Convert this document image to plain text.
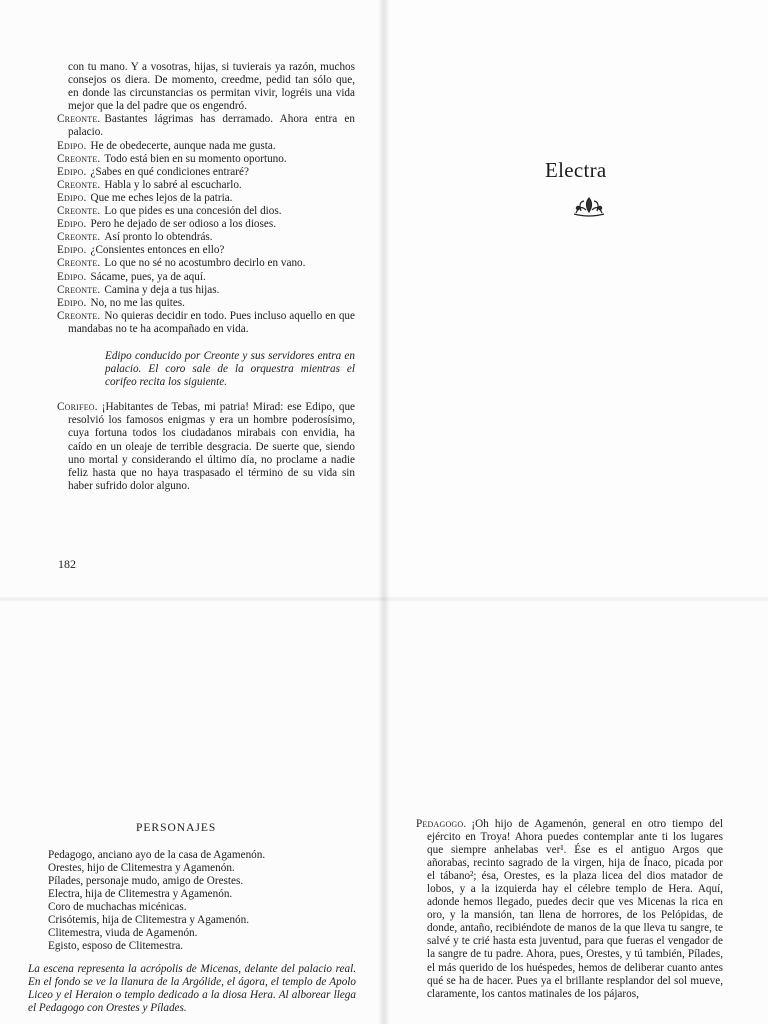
con tu mano. Y a vosotras, hijas, si tuvierais ya razón, muchos consejos os diera. De momento, creedme, pedid tan sólo que, en donde las circunstancias os permitan vivir, logréis una vida mejor que la del padre que os engendró.

Creonte. Bastantes lágrimas has derramado. Ahora entra en palacio.
Edipo. He de obedecerte, aunque nada me gusta.
Creonte. Todo está bien en su momento oportuno.
Edipo. ¿Sabes en qué condiciones entraré?
Creonte. Habla y lo sabré al escucharlo.
Edipo. Que me eches lejos de la patria.
Creonte. Lo que pides es una concesión del dios.
Edipo. Pero he dejado de ser odioso a los dioses.
Creonte. Así pronto lo obtendrás.
Edipo. ¿Consientes entonces en ello?
Creonte. Lo que no sé no acostumbro decirlo en vano.
Edipo. Sácame, pues, ya de aquí.
Creonte. Camina y deja a tus hijas.
Edipo. No, no me las quites.
Creonte. No quieras decidir en todo. Pues incluso aquello en que mandabas no te ha acompañado en vida.
Edipo conducido por Creonte y sus servidores entra en palacio. El coro sale de la orquestra mientras el corifeo recita los siguiente.
Corifeo. ¡Habitantes de Tebas, mi patria! Mirad: ese Edipo, que resolvió los famosos enigmas y era un hombre poderosísimo, cuya fortuna todos los ciudadanos mirabais con envidia, ha caído en un oleaje de terrible desgracia. De suerte que, siendo uno mortal y considerando el último día, no proclame a nadie feliz hasta que no haya traspasado el término de su vida sin haber sufrido dolor alguno.
182
Electra
PERSONAJES
Pedagogo, anciano ayo de la casa de Agamenón.
Orestes, hijo de Clitemestra y Agamenón.
Pílades, personaje mudo, amigo de Orestes.
Electra, hija de Clitemestra y Agamenón.
Coro de muchachas micénicas.
Crisótemis, hija de Clitemestra y Agamenón.
Clitemestra, viuda de Agamenón.
Egisto, esposo de Clitemestra.
La escena representa la acrópolis de Micenas, delante del palacio real. En el fondo se ve la llanura de la Argólide, el ágora, el templo de Apolo Liceo y el Heraion o templo dedicado a la diosa Hera. Al alborear llega el Pedagogo con Orestes y Pílades.
Pedagogo. ¡Oh hijo de Agamenón, general en otro tiempo del ejército en Troya! Ahora puedes contemplar ante ti los lugares que siempre anhelabas ver¹. Ése es el antiguo Argos que añorabas, recinto sagrado de la virgen, hija de Ínaco, picada por el tábano²; ésa, Orestes, es la plaza licea del dios matador de lobos, y a la izquierda hay el célebre templo de Hera. Aquí, adonde hemos llegado, puedes decir que ves Micenas la rica en oro, y la mansión, tan llena de horrores, de los Pelópidas, de donde, antaño, recibiéndote de manos de la que lleva tu sangre, te salvé y te crié hasta esta juventud, para que fueras el vengador de la sangre de tu padre. Ahora, pues, Orestes, y tú también, Pílades, el más querido de los huéspedes, hemos de deliberar cuanto antes qué se ha de hacer. Pues ya el brillante resplandor del sol mueve, claramente, los cantos matinales de los pájaros,
